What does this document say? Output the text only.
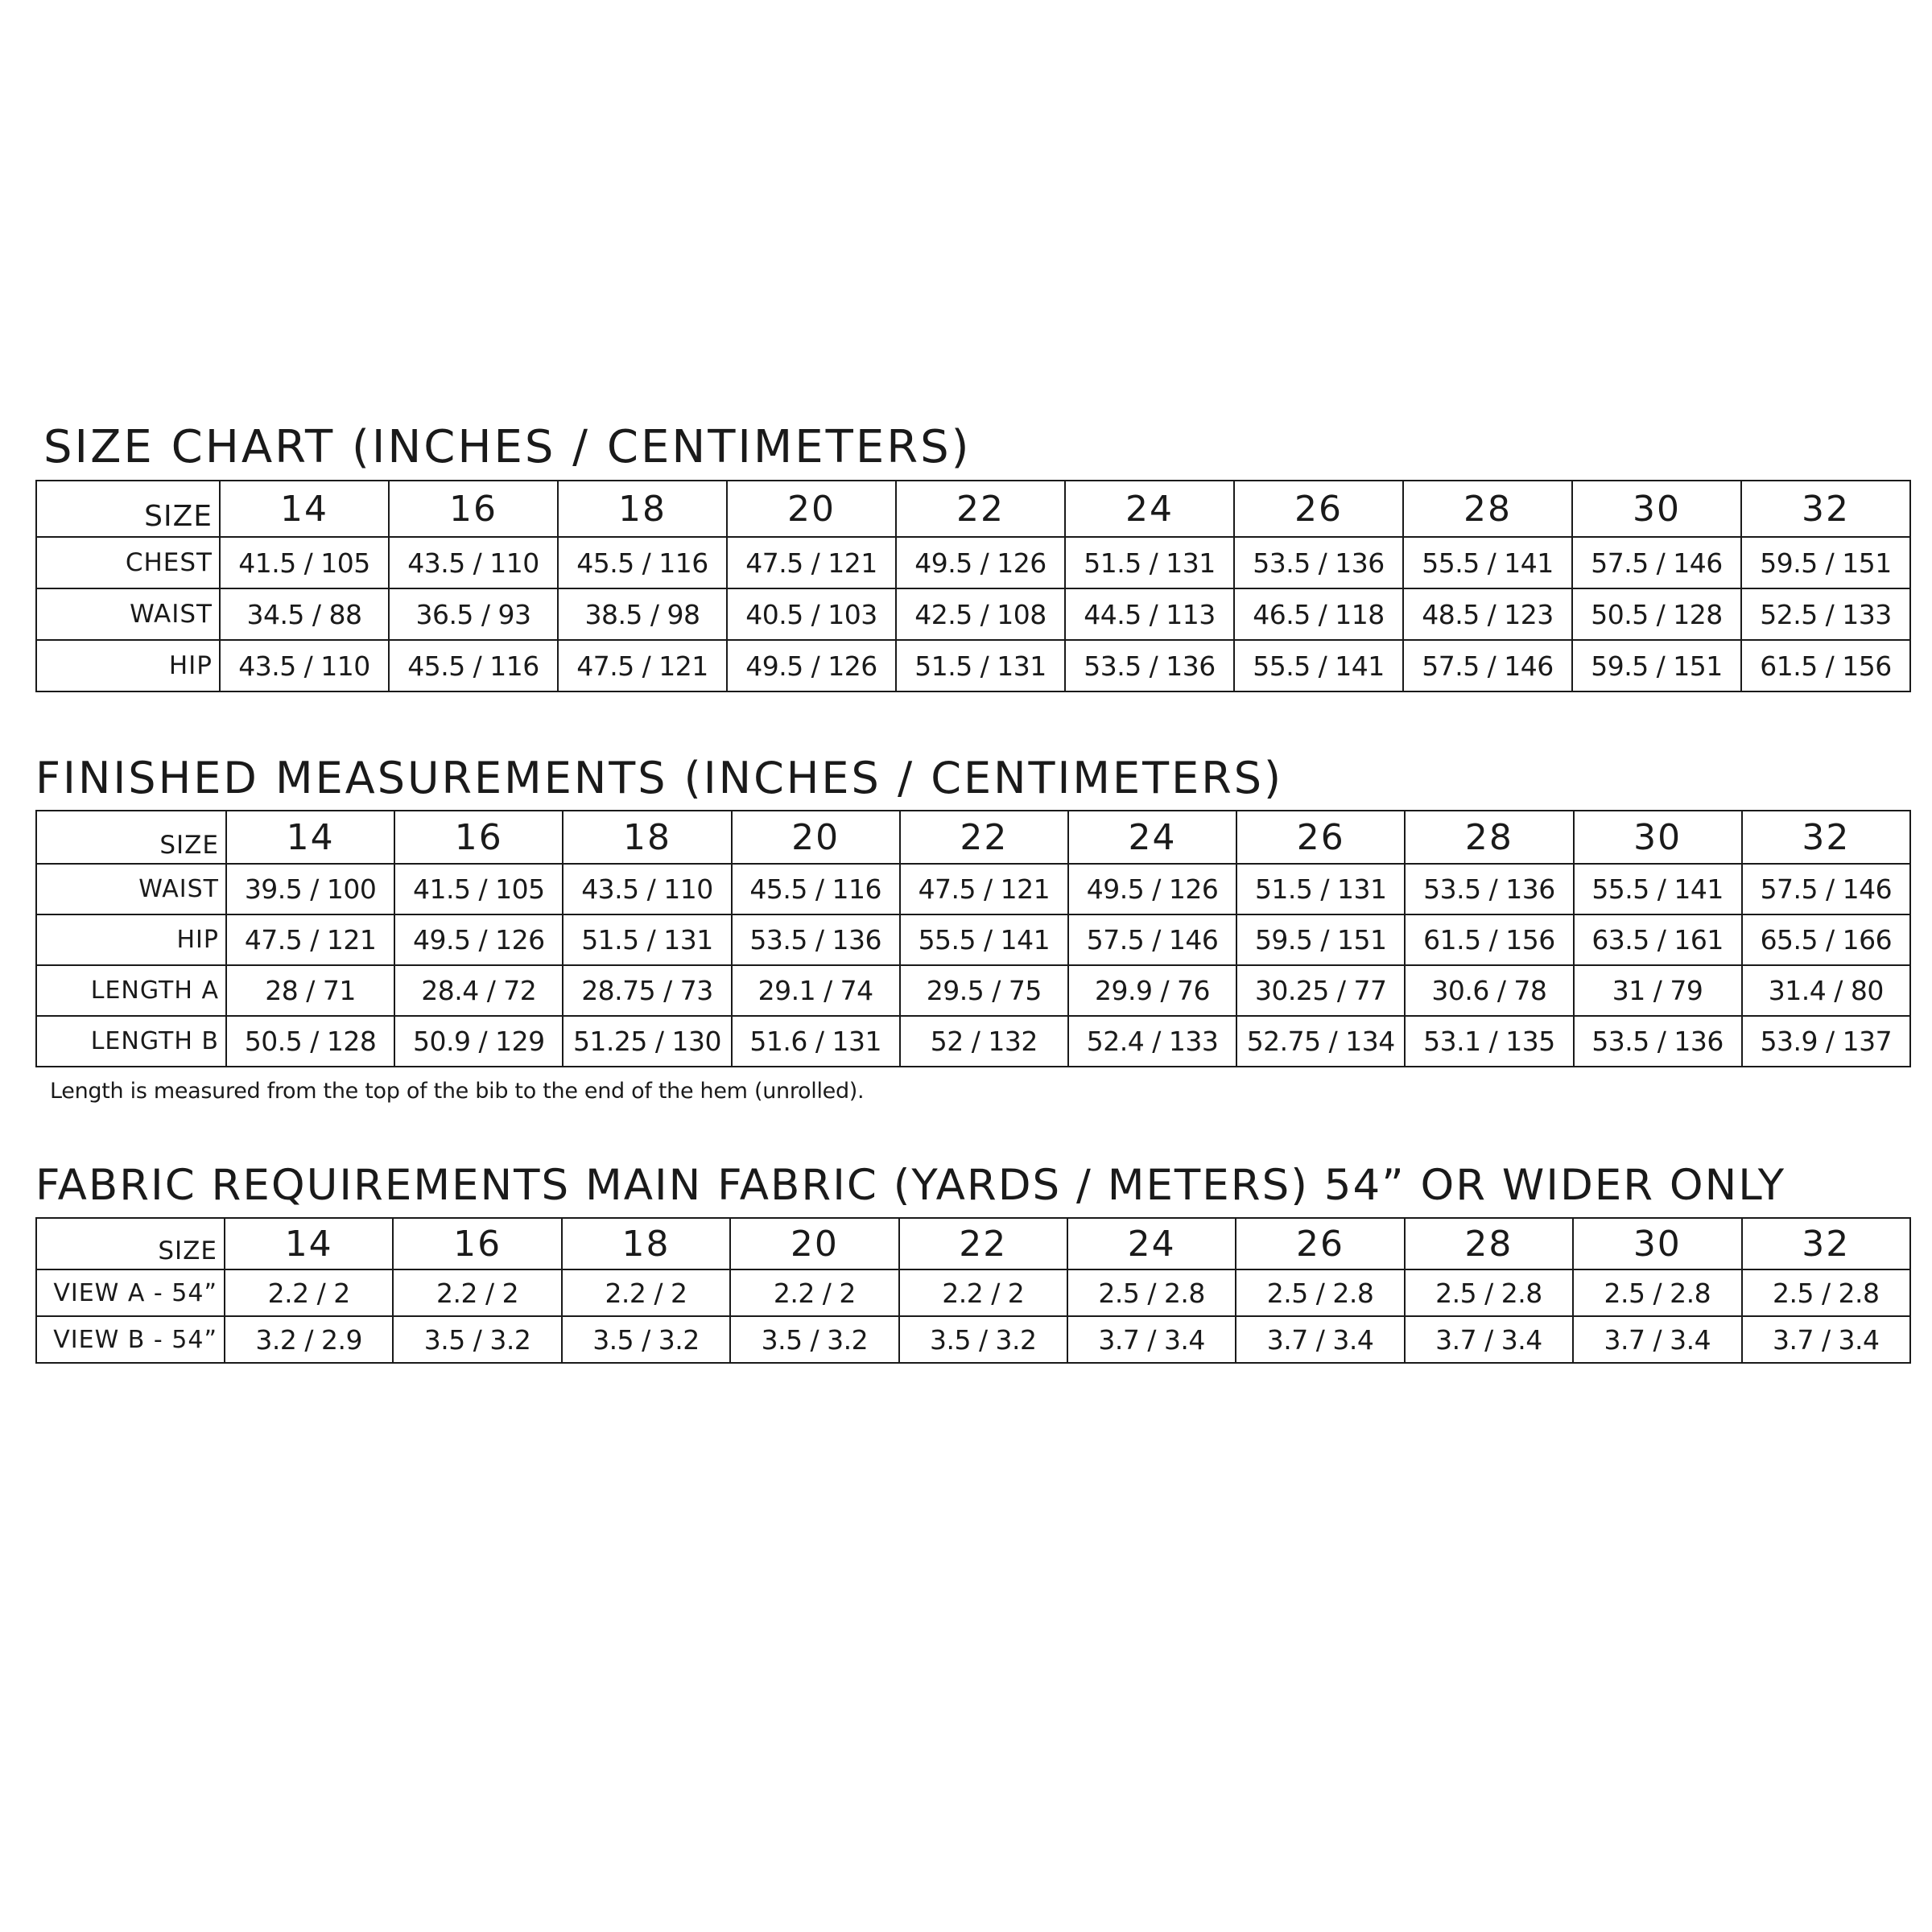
SIZE CHART (INCHES / CENTIMETERS)
SIZE	14	16	18	20	22	24	26	28	30	32
CHEST	41.5 / 105	43.5 / 110	45.5 / 116	47.5 / 121	49.5 / 126	51.5 / 131	53.5 / 136	55.5 / 141	57.5 / 146	59.5 / 151
WAIST	34.5 / 88	36.5 / 93	38.5 / 98	40.5 / 103	42.5 / 108	44.5 / 113	46.5 / 118	48.5 / 123	50.5 / 128	52.5 / 133
HIP	43.5 / 110	45.5 / 116	47.5 / 121	49.5 / 126	51.5 / 131	53.5 / 136	55.5 / 141	57.5 / 146	59.5 / 151	61.5 / 156
FINISHED MEASUREMENTS (INCHES / CENTIMETERS)
SIZE	14	16	18	20	22	24	26	28	30	32
WAIST	39.5 / 100	41.5 / 105	43.5 / 110	45.5 / 116	47.5 / 121	49.5 / 126	51.5 / 131	53.5 / 136	55.5 / 141	57.5 / 146
HIP	47.5 / 121	49.5 / 126	51.5 / 131	53.5 / 136	55.5 / 141	57.5 / 146	59.5 / 151	61.5 / 156	63.5 / 161	65.5 / 166
LENGTH A	28 / 71	28.4 / 72	28.75 / 73	29.1 / 74	29.5 / 75	29.9 / 76	30.25 / 77	30.6 / 78	31 / 79	31.4 / 80
LENGTH B	50.5 / 128	50.9 / 129	51.25 / 130	51.6 / 131	52 / 132	52.4 / 133	52.75 / 134	53.1 / 135	53.5 / 136	53.9 / 137
Length is measured from the top of the bib to the end of the hem (unrolled).
FABRIC REQUIREMENTS MAIN FABRIC (YARDS / METERS) 54” OR WIDER ONLY
SIZE	14	16	18	20	22	24	26	28	30	32
VIEW A - 54”	2.2 / 2	2.2 / 2	2.2 / 2	2.2 / 2	2.2 / 2	2.5 / 2.8	2.5 / 2.8	2.5 / 2.8	2.5 / 2.8	2.5 / 2.8
VIEW B - 54”	3.2 / 2.9	3.5 / 3.2	3.5 / 3.2	3.5 / 3.2	3.5 / 3.2	3.7 / 3.4	3.7 / 3.4	3.7 / 3.4	3.7 / 3.4	3.7 / 3.4
